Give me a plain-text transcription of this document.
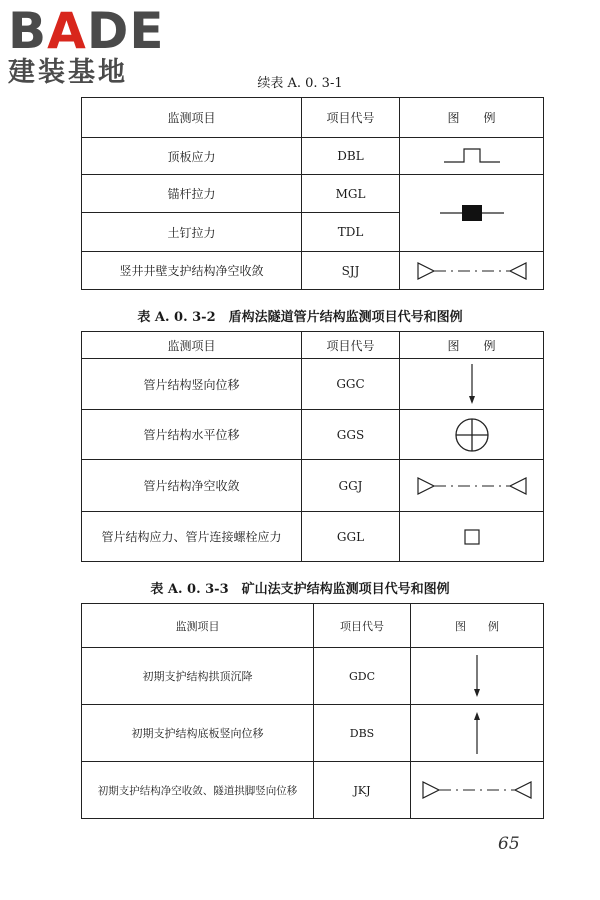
BADE
建装基地	续表 A. 0. 3-1
监测项目	项目代号	图　　例
顶板应力	DBL	

锚杆拉力	MGL	

土钉拉力	TDL	
竖井井壁支护结构净空收敛	SJJ	
表 A. 0. 3-2　盾构法隧道管片结构监测项目代号和图例
监测项目	项目代号	图　　例
管片结构竖向位移	GGC	

管片结构水平位移	GGS	

管片结构净空收敛	GGJ	

管片结构应力、管片连接螺栓应力	GGL	
表 A. 0. 3-3　矿山法支护结构监测项目代号和图例
监测项目	项目代号	图　　例
初期支护结构拱顶沉降	GDC	

初期支护结构底板竖向位移	DBS	

初期支护结构净空收敛、隧道拱脚竖向位移	JKJ	
65
